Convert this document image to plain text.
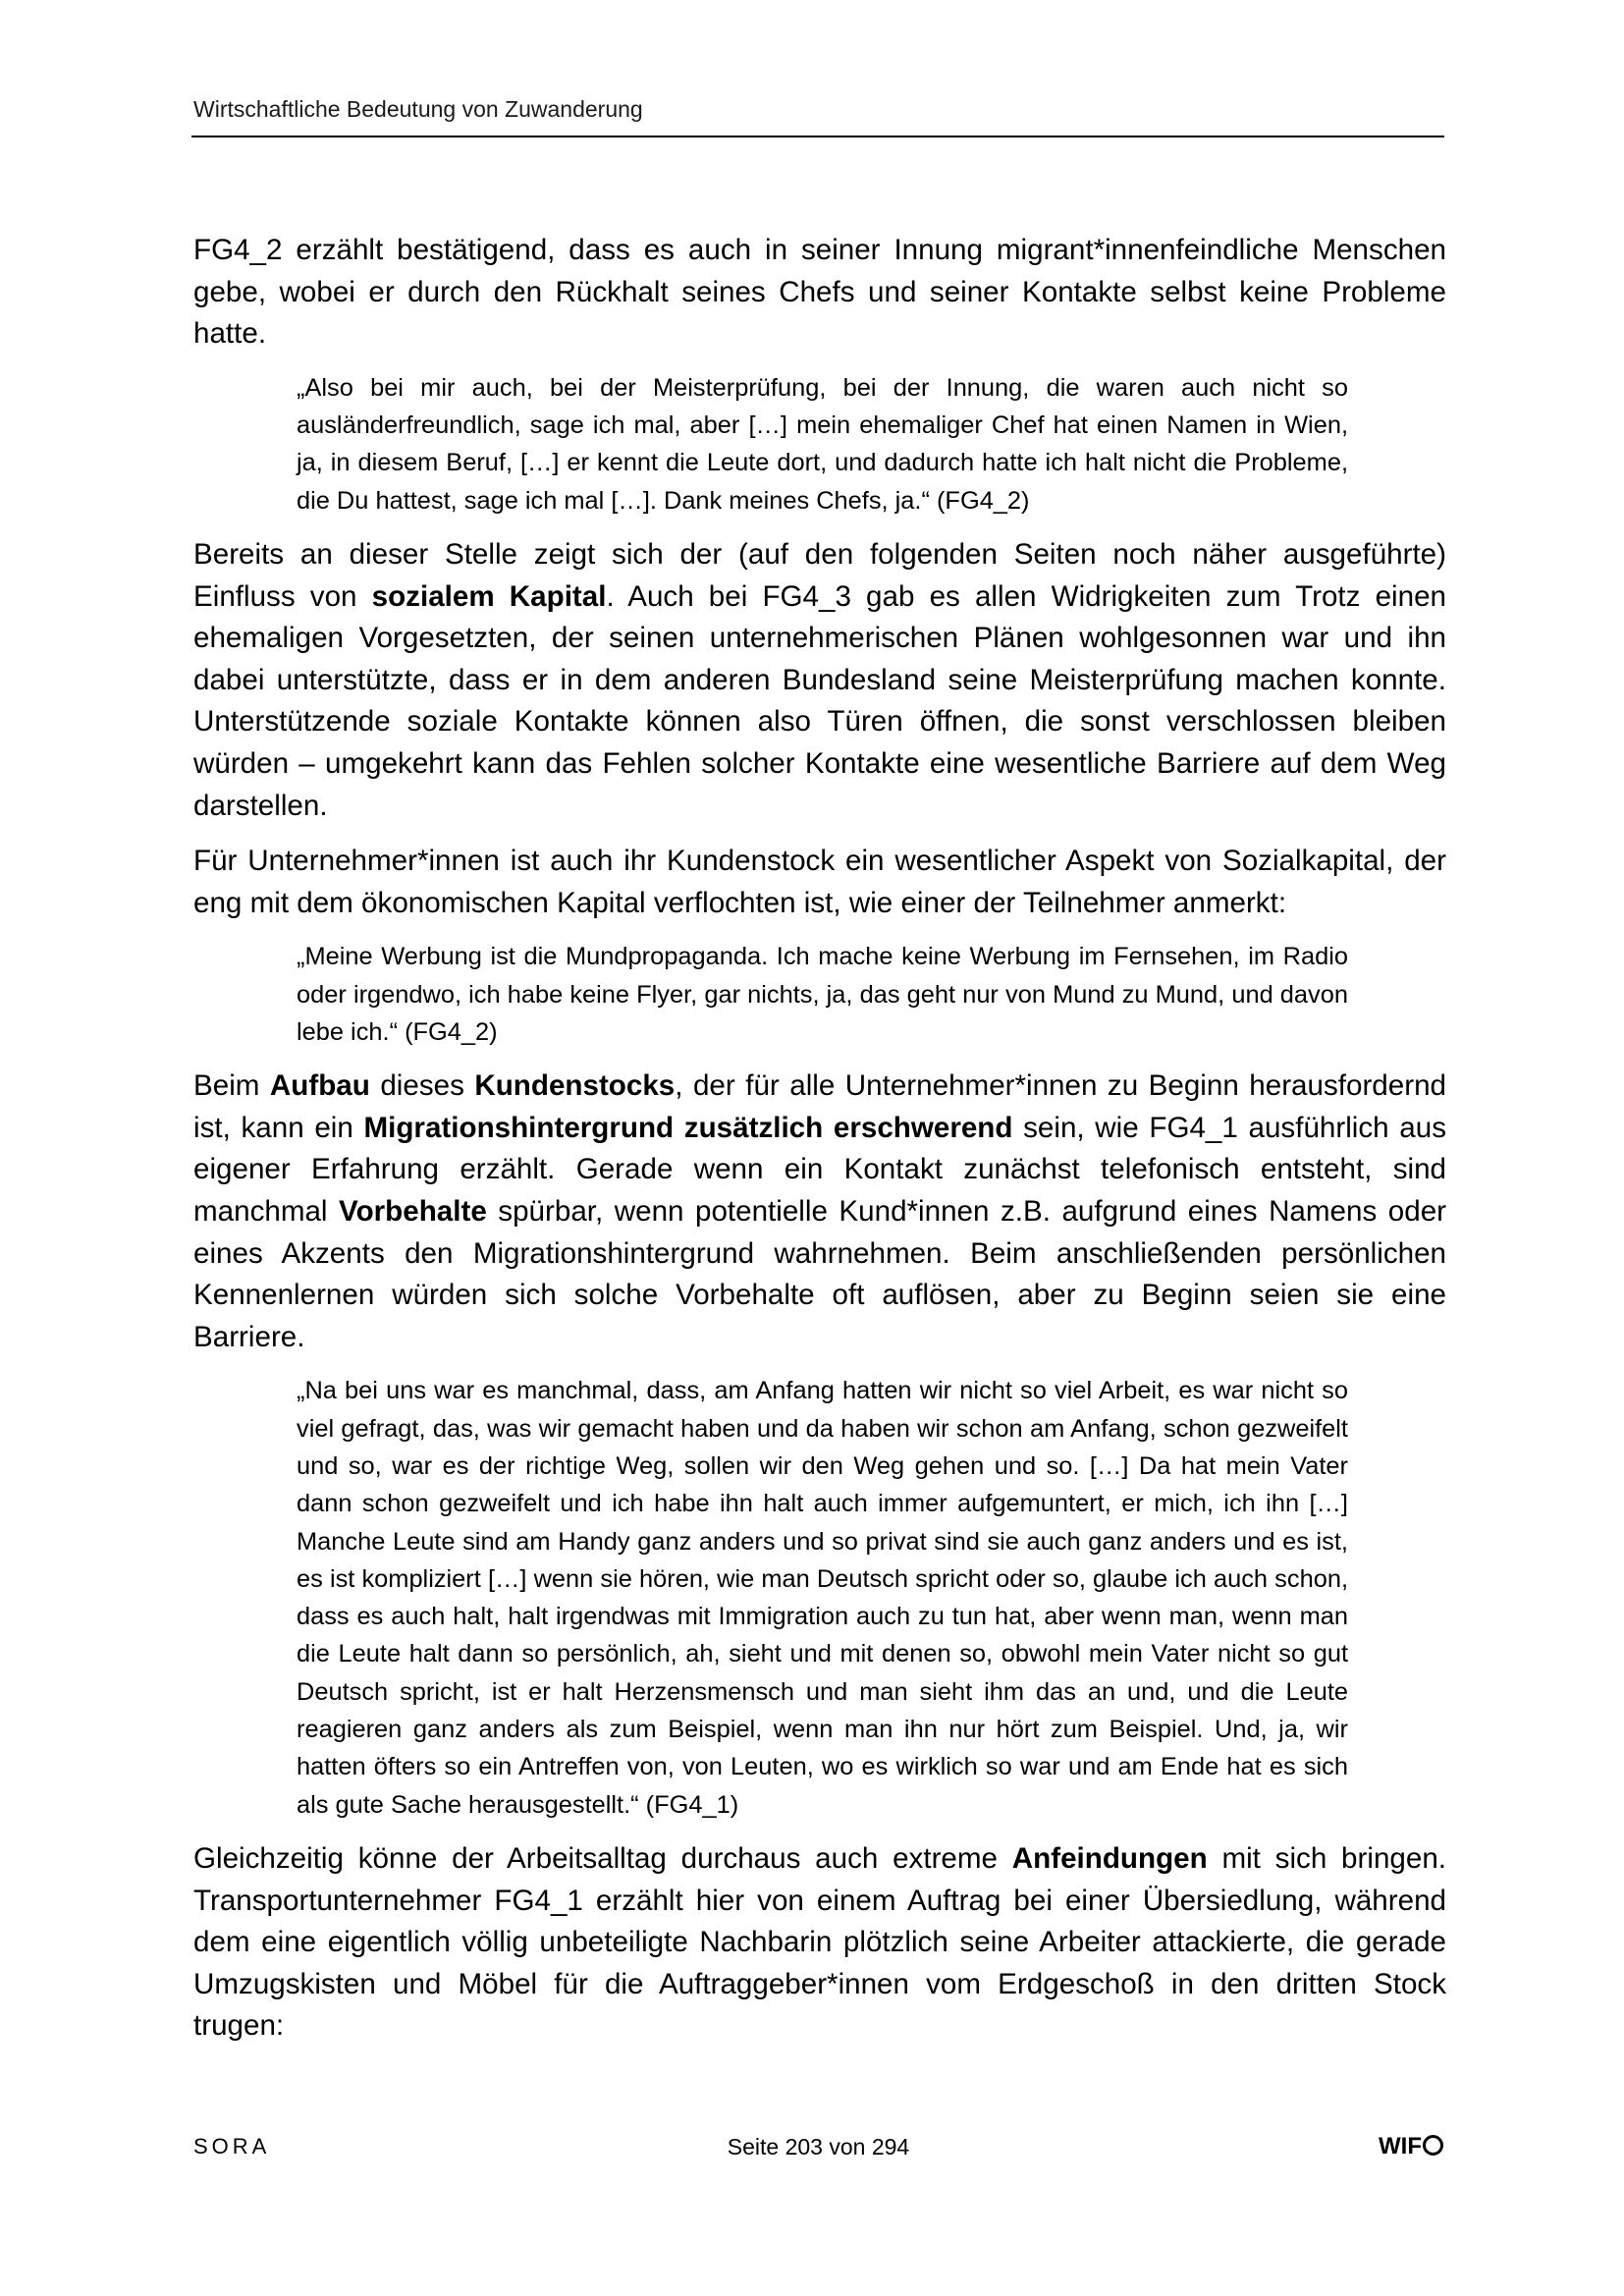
Wirtschaftliche Bedeutung von Zuwanderung
FG4_2 erzählt bestätigend, dass es auch in seiner Innung migrant*innenfeindliche Menschen gebe, wobei er durch den Rückhalt seines Chefs und seiner Kontakte selbst keine Probleme hatte.
„Also bei mir auch, bei der Meisterprüfung, bei der Innung, die waren auch nicht so ausländerfreundlich, sage ich mal, aber […] mein ehemaliger Chef hat einen Namen in Wien, ja, in diesem Beruf, […] er kennt die Leute dort, und dadurch hatte ich halt nicht die Probleme, die Du hattest, sage ich mal […]. Dank meines Chefs, ja.“ (FG4_2)
Bereits an dieser Stelle zeigt sich der (auf den folgenden Seiten noch näher ausgeführte) Einfluss von sozialem Kapital. Auch bei FG4_3 gab es allen Widrigkeiten zum Trotz einen ehemaligen Vorgesetzten, der seinen unternehmerischen Plänen wohlgesonnen war und ihn dabei unterstützte, dass er in dem anderen Bundesland seine Meisterprüfung machen konnte. Unterstützende soziale Kontakte können also Türen öffnen, die sonst verschlossen bleiben würden – umgekehrt kann das Fehlen solcher Kontakte eine wesentliche Barriere auf dem Weg darstellen.
Für Unternehmer*innen ist auch ihr Kundenstock ein wesentlicher Aspekt von Sozialkapital, der eng mit dem ökonomischen Kapital verflochten ist, wie einer der Teilnehmer anmerkt:
„Meine Werbung ist die Mundpropaganda. Ich mache keine Werbung im Fernsehen, im Radio oder irgendwo, ich habe keine Flyer, gar nichts, ja, das geht nur von Mund zu Mund, und davon lebe ich.“ (FG4_2)
Beim Aufbau dieses Kundenstocks, der für alle Unternehmer*innen zu Beginn herausfordernd ist, kann ein Migrationshintergrund zusätzlich erschwerend sein, wie FG4_1 ausführlich aus eigener Erfahrung erzählt. Gerade wenn ein Kontakt zunächst telefonisch entsteht, sind manchmal Vorbehalte spürbar, wenn potentielle Kund*innen z.B. aufgrund eines Namens oder eines Akzents den Migrationshintergrund wahrnehmen. Beim anschließenden persönlichen Kennenlernen würden sich solche Vorbehalte oft auflösen, aber zu Beginn seien sie eine Barriere.
„Na bei uns war es manchmal, dass, am Anfang hatten wir nicht so viel Arbeit, es war nicht so viel gefragt, das, was wir gemacht haben und da haben wir schon am Anfang, schon gezweifelt und so, war es der richtige Weg, sollen wir den Weg gehen und so. […] Da hat mein Vater dann schon gezweifelt und ich habe ihn halt auch immer aufgemuntert, er mich, ich ihn […] Manche Leute sind am Handy ganz anders und so privat sind sie auch ganz anders und es ist, es ist kompliziert […] wenn sie hören, wie man Deutsch spricht oder so, glaube ich auch schon, dass es auch halt, halt irgendwas mit Immigration auch zu tun hat, aber wenn man, wenn man die Leute halt dann so persönlich, ah, sieht und mit denen so, obwohl mein Vater nicht so gut Deutsch spricht, ist er halt Herzensmensch und man sieht ihm das an und, und die Leute reagieren ganz anders als zum Beispiel, wenn man ihn nur hört zum Beispiel. Und, ja, wir hatten öfters so ein Antreffen von, von Leuten, wo es wirklich so war und am Ende hat es sich als gute Sache herausgestellt.“ (FG4_1)
Gleichzeitig könne der Arbeitsalltag durchaus auch extreme Anfeindungen mit sich bringen. Transportunternehmer FG4_1 erzählt hier von einem Auftrag bei einer Übersiedlung, während dem eine eigentlich völlig unbeteiligte Nachbarin plötzlich seine Arbeiter attackierte, die gerade Umzugskisten und Möbel für die Auftraggeber*innen vom Erdgeschoß in den dritten Stock trugen:
SORA	Seite 203 von 294	WIF
